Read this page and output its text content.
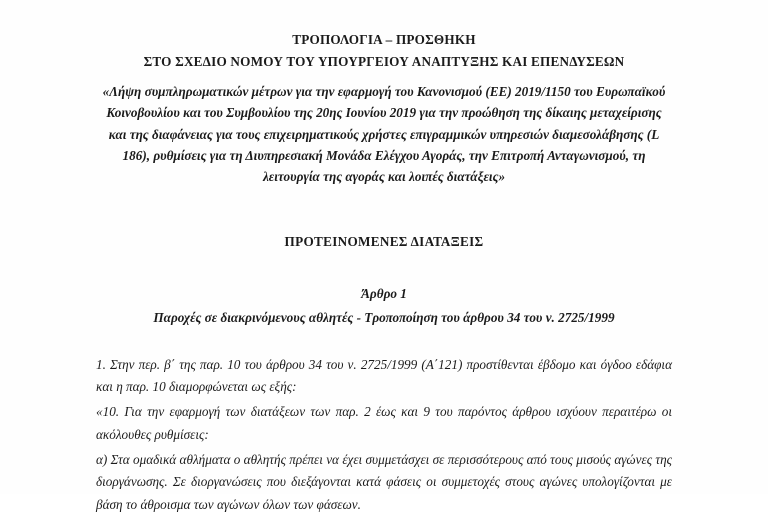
ΤΡΟΠΟΛΟΓΙΑ – ΠΡΟΣΘΗΚΗ
ΣΤΟ ΣΧΕΔΙΟ ΝΟΜΟΥ ΤΟΥ ΥΠΟΥΡΓΕΙΟΥ ΑΝΑΠΤΥΞΗΣ ΚΑΙ ΕΠΕΝΔΥΣΕΩΝ
«Λήψη συμπληρωματικών μέτρων για την εφαρμογή του Κανονισμού (ΕΕ) 2019/1150 του Ευρωπαϊκού Κοινοβουλίου και του Συμβουλίου της 20ης Ιουνίου 2019 για την προώθηση της δίκαιης μεταχείρισης και της διαφάνειας για τους επιχειρηματικούς χρήστες επιγραμμικών υπηρεσιών διαμεσολάβησης (L 186), ρυθμίσεις για τη Διυπηρεσιακή Μονάδα Ελέγχου Αγοράς, την Επιτροπή Ανταγωνισμού, τη λειτουργία της αγοράς και λοιπές διατάξεις»
ΠΡΟΤΕΙΝΟΜΕΝΕΣ ΔΙΑΤΑΞΕΙΣ
Άρθρο 1
Παροχές σε διακρινόμενους αθλητές - Τροποποίηση του άρθρου 34 του ν. 2725/1999

1. Στην περ. β΄ της παρ. 10 του άρθρου 34 του ν. 2725/1999 (Α΄121) προστίθενται έβδομο και όγδοο εδάφια και η παρ. 10 διαμορφώνεται ως εξής:

«10. Για την εφαρμογή των διατάξεων των παρ. 2 έως και 9 του παρόντος άρθρου ισχύουν περαιτέρω οι ακόλουθες ρυθμίσεις:

α) Στα ομαδικά αθλήματα ο αθλητής πρέπει να έχει συμμετάσχει σε περισσότερους από τους μισούς αγώνες της διοργάνωσης. Σε διοργανώσεις που διεξάγονται κατά φάσεις οι συμμετοχές στους αγώνες υπολογίζονται με βάση το άθροισμα των αγώνων όλων των φάσεων.
